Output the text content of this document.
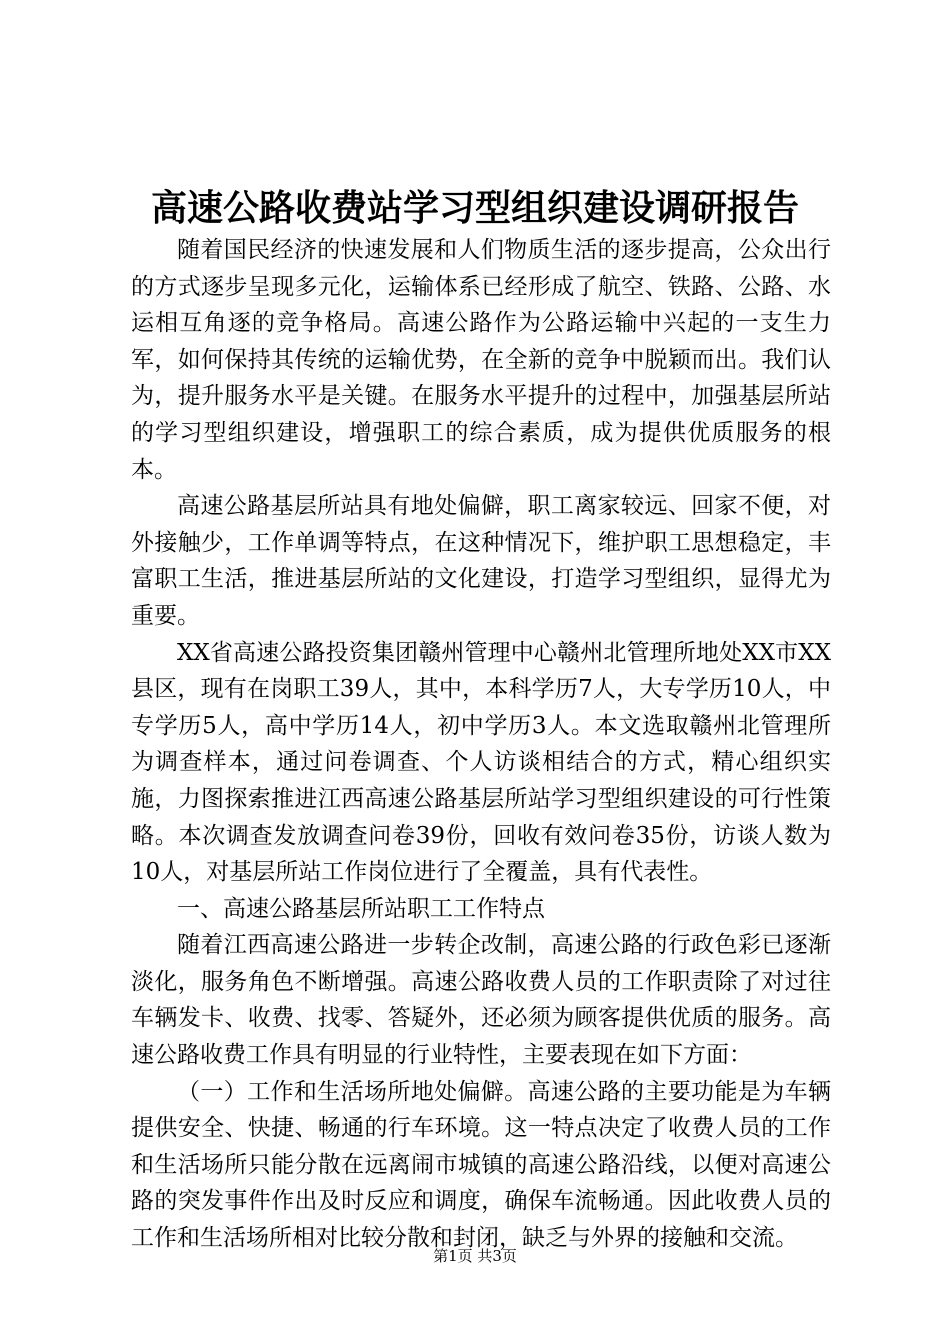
高速公路收费站学习型组织建设调研报告

随着国民经济的快速发展和人们物质生活的逐步提高，公众出行的方式逐步呈现多元化，运输体系已经形成了航空、铁路、公路、水运相互角逐的竞争格局。高速公路作为公路运输中兴起的一支生力军，如何保持其传统的运输优势，在全新的竞争中脱颖而出。我们认为，提升服务水平是关键。在服务水平提升的过程中，加强基层所站的学习型组织建设，增强职工的综合素质，成为提供优质服务的根本。

高速公路基层所站具有地处偏僻，职工离家较远、回家不便，对外接触少，工作单调等特点，在这种情况下，维护职工思想稳定，丰富职工生活，推进基层所站的文化建设，打造学习型组织，显得尤为重要。

XX省高速公路投资集团赣州管理中心赣州北管理所地处XX市XX县区，现有在岗职工39人，其中，本科学历7人，大专学历10人，中专学历5人，高中学历14人，初中学历3人。本文选取赣州北管理所为调查样本，通过问卷调查、个人访谈相结合的方式，精心组织实施，力图探索推进江西高速公路基层所站学习型组织建设的可行性策略。本次调查发放调查问卷39份，回收有效问卷35份，访谈人数为10人，对基层所站工作岗位进行了全覆盖，具有代表性。

一、高速公路基层所站职工工作特点

随着江西高速公路进一步转企改制，高速公路的行政色彩已逐渐淡化，服务角色不断增强。高速公路收费人员的工作职责除了对过往车辆发卡、收费、找零、答疑外，还必须为顾客提供优质的服务。高速公路收费工作具有明显的行业特性，主要表现在如下方面：

（一）工作和生活场所地处偏僻。高速公路的主要功能是为车辆提供安全、快捷、畅通的行车环境。这一特点决定了收费人员的工作和生活场所只能分散在远离闹市城镇的高速公路沿线，以便对高速公路的突发事件作出及时反应和调度，确保车流畅通。因此收费人员的工作和生活场所相对比较分散和封闭，缺乏与外界的接触和交流。

第1页 共3页
